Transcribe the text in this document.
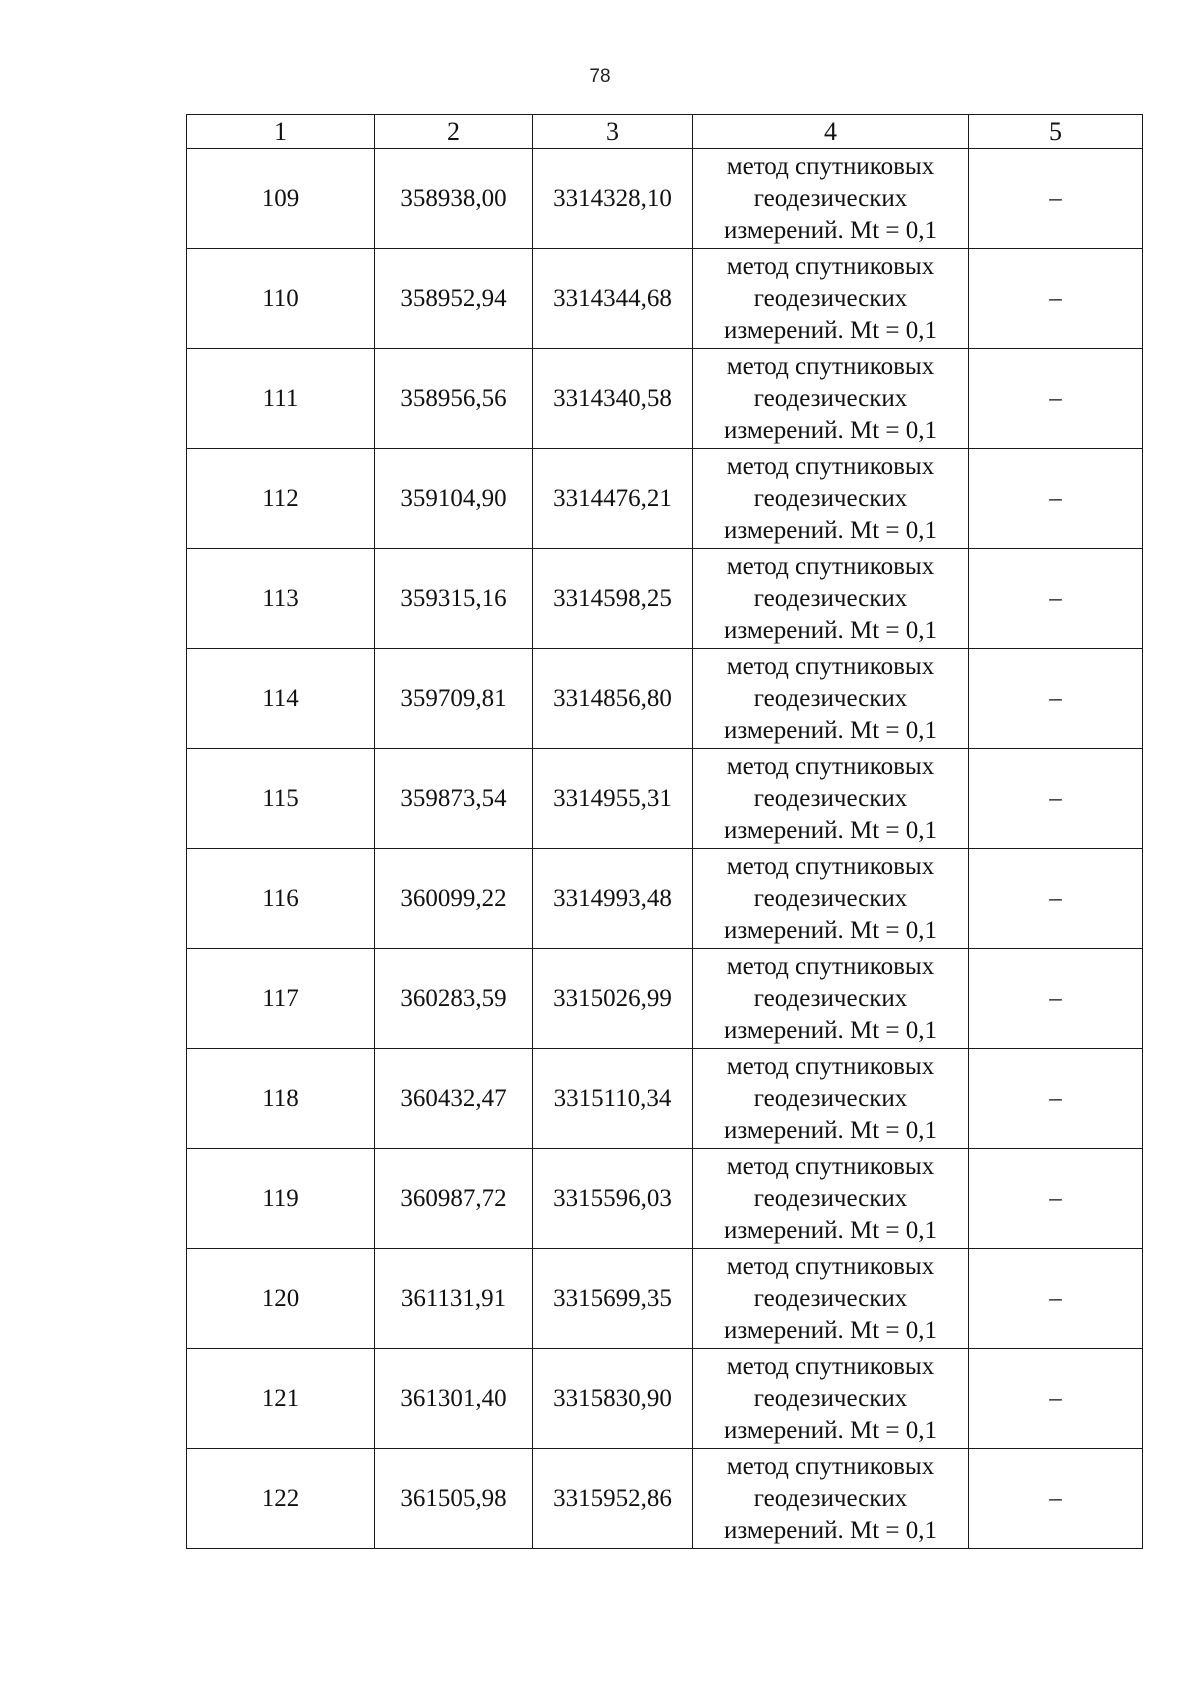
78
1	2	3	4	5
109	358938,00	3314328,10	метод спутниковых
геодезических
измерений. Mt = 0,1	–
110	358952,94	3314344,68	метод спутниковых
геодезических
измерений. Mt = 0,1	–
111	358956,56	3314340,58	метод спутниковых
геодезических
измерений. Mt = 0,1	–
112	359104,90	3314476,21	метод спутниковых
геодезических
измерений. Mt = 0,1	–
113	359315,16	3314598,25	метод спутниковых
геодезических
измерений. Mt = 0,1	–
114	359709,81	3314856,80	метод спутниковых
геодезических
измерений. Mt = 0,1	–
115	359873,54	3314955,31	метод спутниковых
геодезических
измерений. Mt = 0,1	–
116	360099,22	3314993,48	метод спутниковых
геодезических
измерений. Mt = 0,1	–
117	360283,59	3315026,99	метод спутниковых
геодезических
измерений. Mt = 0,1	–
118	360432,47	3315110,34	метод спутниковых
геодезических
измерений. Mt = 0,1	–
119	360987,72	3315596,03	метод спутниковых
геодезических
измерений. Mt = 0,1	–
120	361131,91	3315699,35	метод спутниковых
геодезических
измерений. Mt = 0,1	–
121	361301,40	3315830,90	метод спутниковых
геодезических
измерений. Mt = 0,1	–
122	361505,98	3315952,86	метод спутниковых
геодезических
измерений. Mt = 0,1	–
